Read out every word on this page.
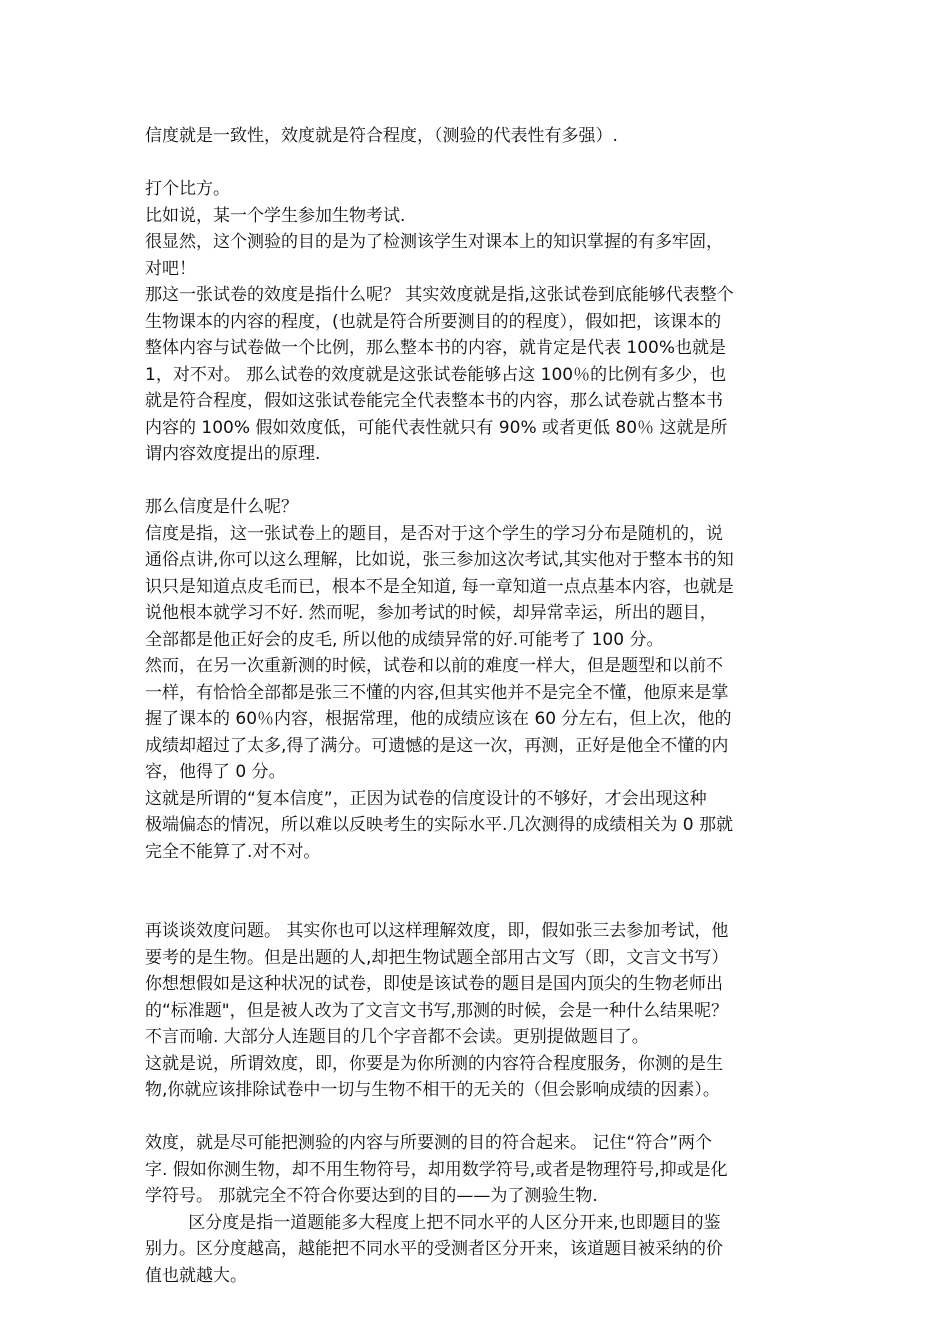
信度就是一致性，效度就是符合程度，（测验的代表性有多强）.
打个比方。
比如说，某一个学生参加生物考试.
很显然，这个测验的目的是为了检测该学生对课本上的知识掌握的有多牢固，
对吧！
那这一张试卷的效度是指什么呢？ 其实效度就是指,这张试卷到底能够代表整个
生物课本的内容的程度，(也就是符合所要测目的的程度），假如把，该课本的
整体内容与试卷做一个比例，那么整本书的内容，就肯定是代表 100%也就是
1，对不对。 那么试卷的效度就是这张试卷能够占这 100％的比例有多少，也
就是符合程度，假如这张试卷能完全代表整本书的内容，那么试卷就占整本书
内容的 100% 假如效度低，可能代表性就只有 90% 或者更低 80％ 这就是所
谓内容效度提出的原理.
那么信度是什么呢？
信度是指，这一张试卷上的题目，是否对于这个学生的学习分布是随机的，说
通俗点讲,你可以这么理解，比如说，张三参加这次考试,其实他对于整本书的知
识只是知道点皮毛而已，根本不是全知道, 每一章知道一点点基本内容，也就是
说他根本就学习不好. 然而呢，参加考试的时候，却异常幸运，所出的题目，
全部都是他正好会的皮毛, 所以他的成绩异常的好.可能考了 100 分。
然而，在另一次重新测的时候，试卷和以前的难度一样大，但是题型和以前不
一样，有恰恰全部都是张三不懂的内容,但其实他并不是完全不懂，他原来是掌
握了课本的 60％内容，根据常理，他的成绩应该在 60 分左右，但上次，他的
成绩却超过了太多,得了满分。可遗憾的是这一次，再测，正好是他全不懂的内
容，他得了 0 分。
这就是所谓的“复本信度”，正因为试卷的信度设计的不够好，才会出现这种
极端偏态的情况，所以难以反映考生的实际水平.几次测得的成绩相关为 0 那就
完全不能算了.对不对。
再谈谈效度问题。 其实你也可以这样理解效度，即，假如张三去参加考试，他
要考的是生物。但是出题的人,却把生物试题全部用古文写（即，文言文书写）
你想想假如是这种状况的试卷，即使是该试卷的题目是国内顶尖的生物老师出
的“标准题"，但是被人改为了文言文书写,那测的时候，会是一种什么结果呢？
不言而喻. 大部分人连题目的几个字音都不会读。更别提做题目了。
这就是说，所谓效度，即，你要是为你所测的内容符合程度服务，你测的是生
物,你就应该排除试卷中一切与生物不相干的无关的（但会影响成绩的因素）。
效度，就是尽可能把测验的内容与所要测的目的符合起来。 记住“符合”两个
字. 假如你测生物，却不用生物符号，却用数学符号,或者是物理符号,抑或是化
学符号。 那就完全不符合你要达到的目的——为了测验生物.
区分度是指一道题能多大程度上把不同水平的人区分开来,也即题目的鉴
别力。区分度越高，越能把不同水平的受测者区分开来，该道题目被采纳的价
值也就越大。
